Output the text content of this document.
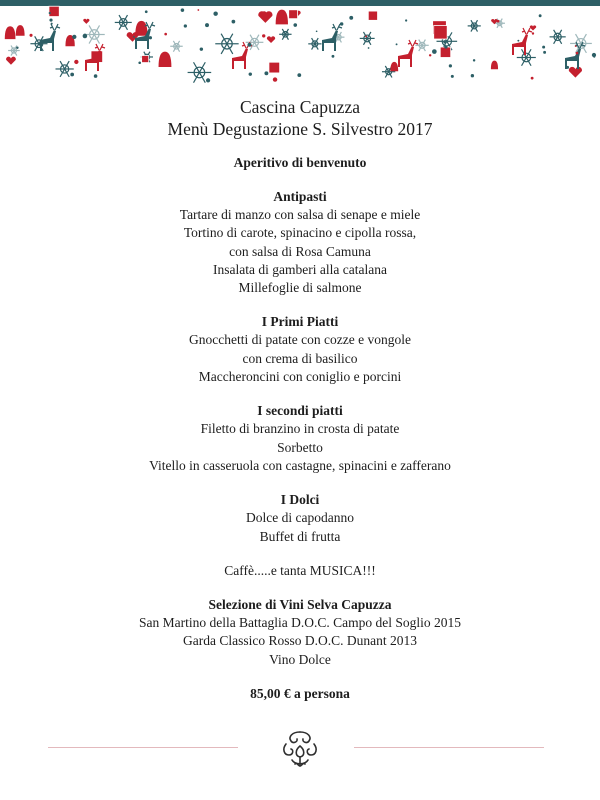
Cascina Capuzza
Menù Degustazione S. Silvestro 2017
Aperitivo di benvenuto
Antipasti
Tartare di manzo con salsa di senape e miele
Tortino di carote, spinacino e cipolla rossa,
con salsa di Rosa Camuna
Insalata di gamberi alla catalana
Millefoglie di salmone
I Primi Piatti
Gnocchetti di patate con cozze e vongole
con crema di basilico
Maccheroncini con coniglio e porcini
I secondi piatti
Filetto di branzino in crosta di patate
Sorbetto
Vitello in casseruola con castagne, spinacini e zafferano
I Dolci
Dolce di capodanno
Buffet di frutta
Caffè.....e tanta MUSICA!!!
Selezione di Vini Selva Capuzza
San Martino della Battaglia D.O.C. Campo del Soglio 2015
Garda Classico Rosso D.O.C. Dunant 2013
Vino Dolce
85,00 € a persona
